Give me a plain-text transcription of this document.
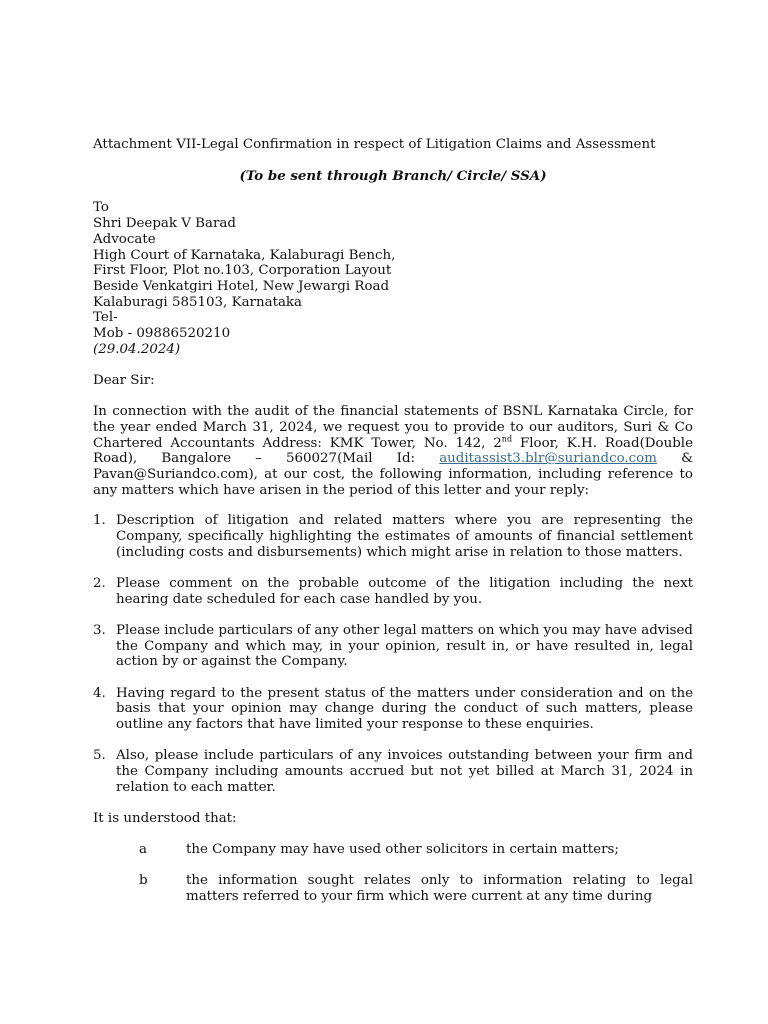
Attachment VII-Legal Confirmation in respect of Litigation Claims and Assessment

(To be sent through Branch/ Circle/ SSA)

To
Shri Deepak V Barad
Advocate
High Court of Karnataka, Kalaburagi Bench,
First Floor, Plot no.103, Corporation Layout
Beside Venkatgiri Hotel, New Jewargi Road
Kalaburagi 585103, Karnataka
Tel-
Mob - 09886520210
(29.04.2024)

Dear Sir:

In connection with the audit of the financial statements of BSNL Karnataka Circle, for the year ended March 31, 2024, we request you to provide to our auditors, Suri & Co Chartered Accountants Address: KMK Tower, No. 142, 2nd Floor, K.H. Road(Double Road), Bangalore – 560027(Mail Id: auditassist3.blr@suriandco.com & Pavan@Suriandco.com), at our cost, the following information, including reference to any matters which have arisen in the period of this letter and your reply:

1. Description of litigation and related matters where you are representing the Company, specifically highlighting the estimates of amounts of financial settlement (including costs and disbursements) which might arise in relation to those matters.
2. Please comment on the probable outcome of the litigation including the next hearing date scheduled for each case handled by you.
3. Please include particulars of any other legal matters on which you may have advised the Company and which may, in your opinion, result in, or have resulted in, legal action by or against the Company.
4. Having regard to the present status of the matters under consideration and on the basis that your opinion may change during the conduct of such matters, please outline any factors that have limited your response to these enquiries.
5. Also, please include particulars of any invoices outstanding between your firm and the Company including amounts accrued but not yet billed at March 31, 2024 in relation to each matter.

It is understood that:

a	the Company may have used other solicitors in certain matters;
b	the information sought relates only to information relating to legal matters referred to your firm which were current at any time during
